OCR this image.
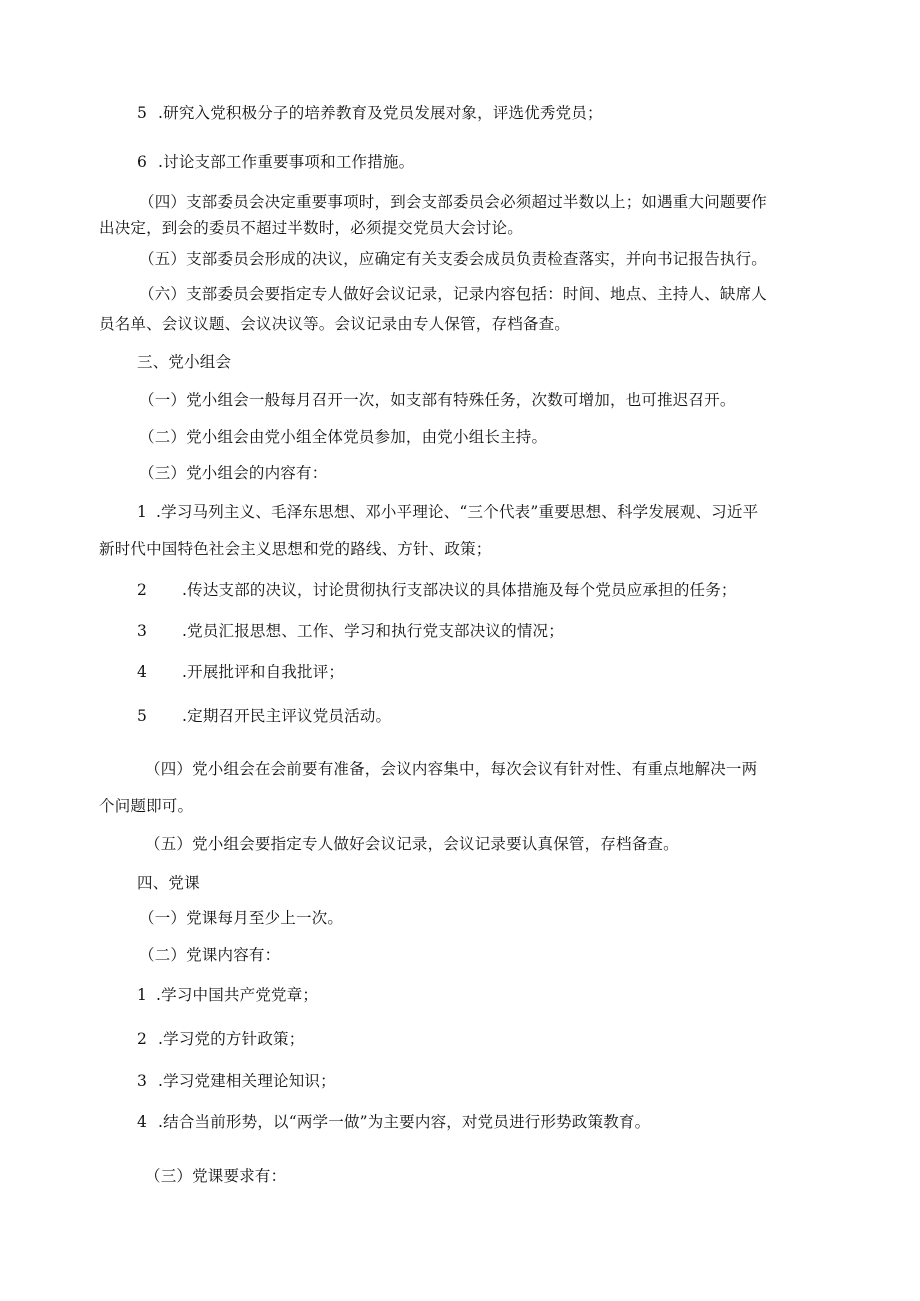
5 .研究入党积极分子的培养教育及党员发展对象，评选优秀党员；
6 .讨论支部工作重要事项和工作措施。
（四）支部委员会决定重要事项时，到会支部委员会必须超过半数以上；如遇重大问题要作
出决定，到会的委员不超过半数时，必须提交党员大会讨论。
（五）支部委员会形成的决议，应确定有关支委会成员负责检查落实，并向书记报告执行。
（六）支部委员会要指定专人做好会议记录，记录内容包括：时间、地点、主持人、缺席人
员名单、会议议题、会议决议等。会议记录由专人保管，存档备查。
三、党小组会
（一）党小组会一般每月召开一次，如支部有特殊任务，次数可增加，也可推迟召开。
（二）党小组会由党小组全体党员参加，由党小组长主持。
（三）党小组会的内容有：
1 .学习马列主义、毛泽东思想、邓小平理论、“三个代表”重要思想、科学发展观、习近平
新时代中国特色社会主义思想和党的路线、方针、政策；
2 .传达支部的决议，讨论贯彻执行支部决议的具体措施及每个党员应承担的任务；
3 .党员汇报思想、工作、学习和执行党支部决议的情况；
4 .开展批评和自我批评；
5 .定期召开民主评议党员活动。
（四）党小组会在会前要有准备，会议内容集中，每次会议有针对性、有重点地解决一两
个问题即可。
（五）党小组会要指定专人做好会议记录，会议记录要认真保管，存档备查。
四、党课
（一）党课每月至少上一次。
（二）党课内容有：
1 .学习中国共产党党章；
2 .学习党的方针政策；
3 .学习党建相关理论知识；
4 .结合当前形势，以“两学一做”为主要内容，对党员进行形势政策教育。
（三）党课要求有：
